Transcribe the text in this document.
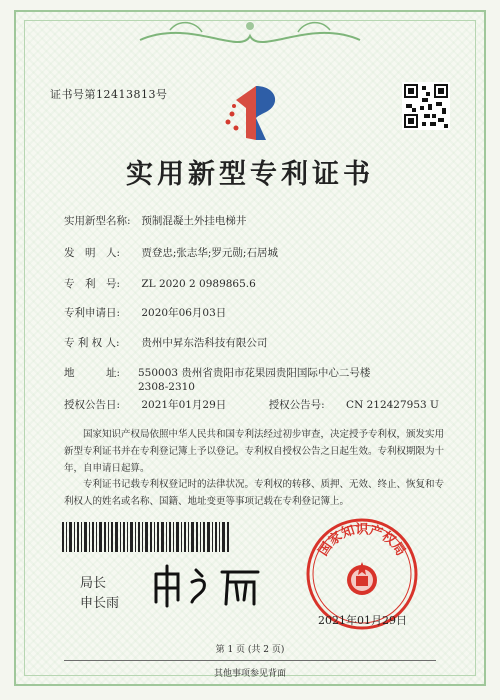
证书号第12413813号
实用新型专利证书
实用新型名称: 预制混凝土外挂电梯井
发　明　人: 贾登忠;张志华;罗元勋;石居城
专　利　号: ZL 2020 2 0989865.6
专利申请日: 2020年06月03日
专 利 权 人: 贵州中昇东浩科技有限公司
地　　　址:	550003 贵州省贵阳市花果园贵阳国际中心二号楼2308-2310
授权公告日: 2021年01月29日	授权公告号: CN 212427953 U
国家知识产权局依照中华人民共和国专利法经过初步审查，决定授予专利权，颁发实用新型专利证书并在专利登记簿上予以登记。专利权自授权公告之日起生效。专利权期限为十年，自申请日起算。
专利证书记载专利权登记时的法律状况。专利权的转移、质押、无效、终止、恢复和专利权人的姓名或名称、国籍、地址变更等事项记载在专利登记簿上。
局长
申长雨
国家知识产权局
2021年01月29日
第 1 页 (共 2 页)
其他事项参见背面
